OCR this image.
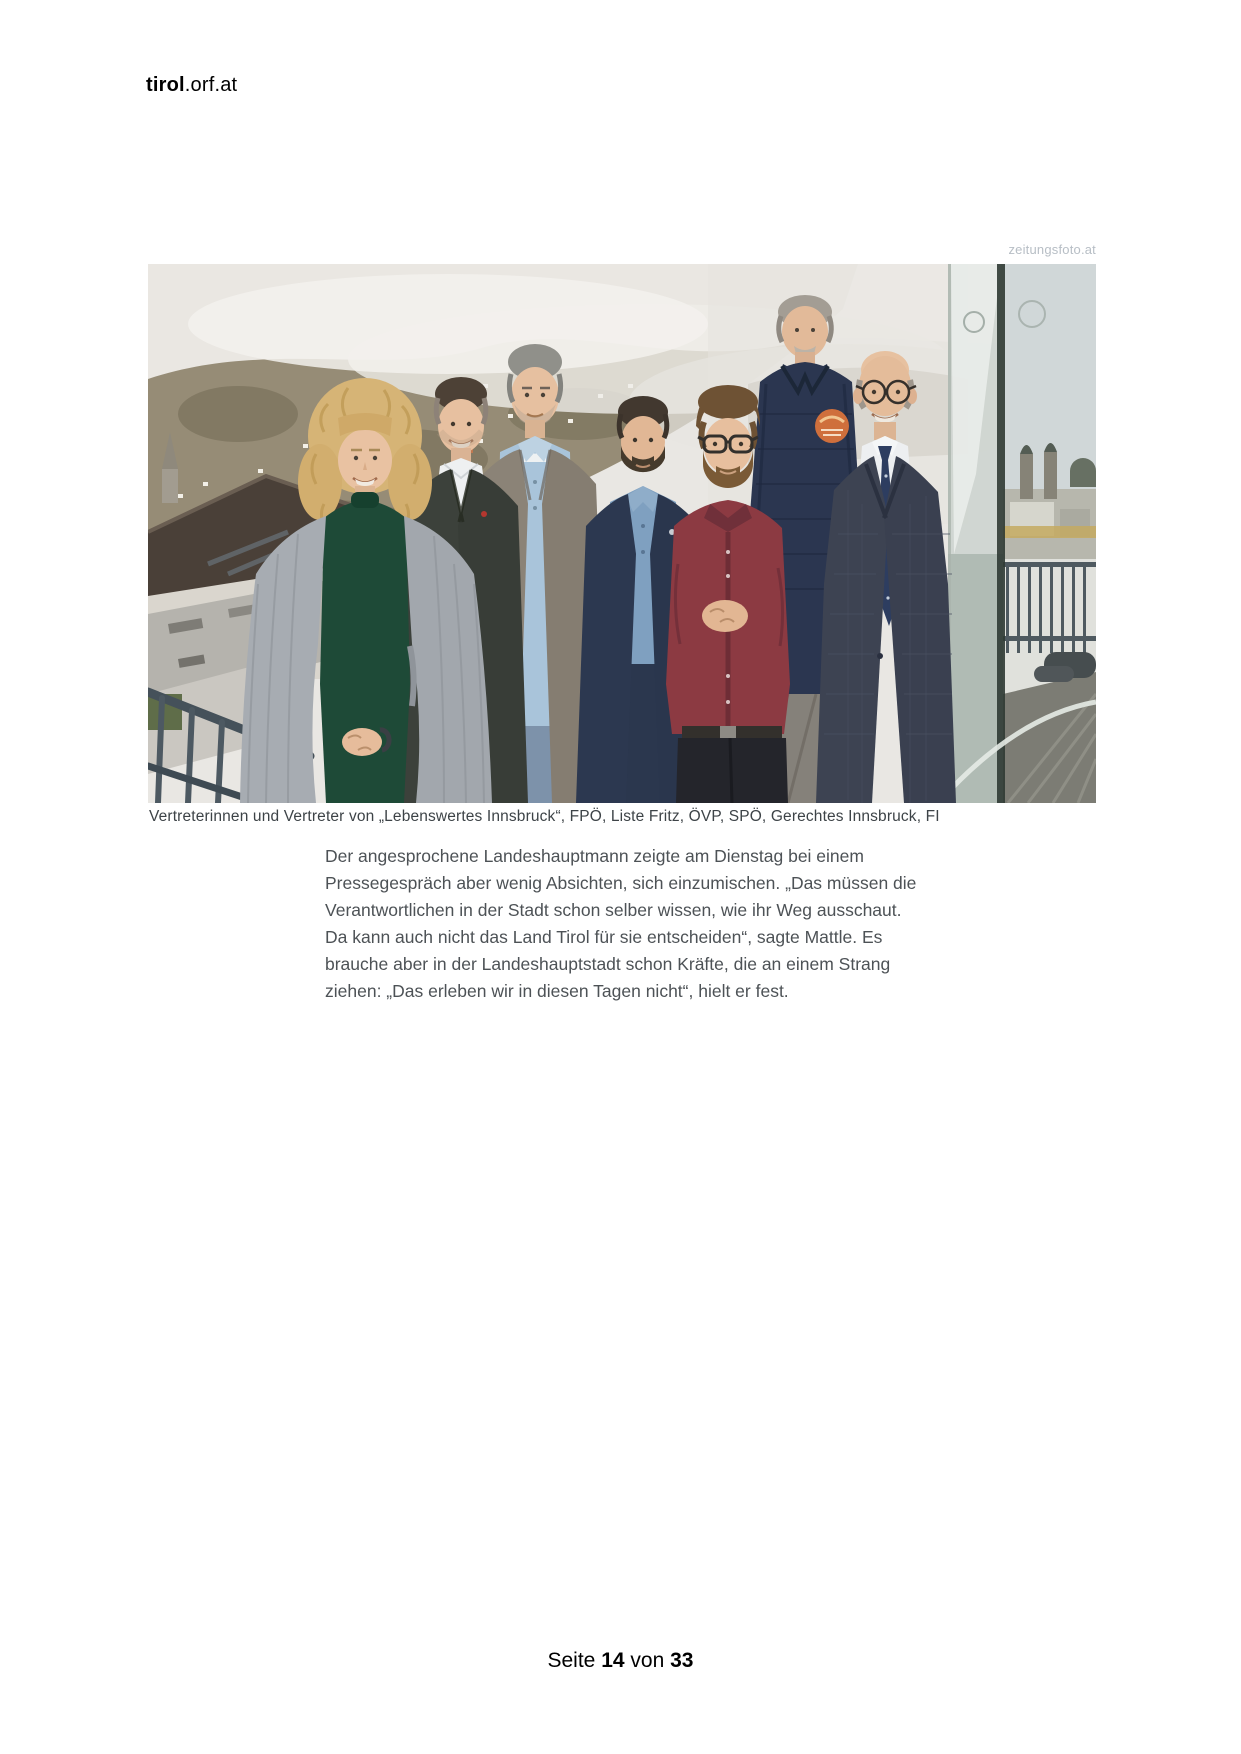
tirol.orf.at
zeitungsfoto.at
Vertreterinnen und Vertreter von „Lebenswertes Innsbruck“, FPÖ, Liste Fritz, ÖVP, SPÖ, Gerechtes Innsbruck, FI
Der angesprochene Landeshauptmann zeigte am Dienstag bei einem Pressegespräch aber wenig Absichten, sich einzumischen. „Das müssen die Verantwortlichen in der Stadt schon selber wissen, wie ihr Weg ausschaut. Da kann auch nicht das Land Tirol für sie entscheiden“, sagte Mattle. Es brauche aber in der Landeshauptstadt schon Kräfte, die an einem Strang ziehen: „Das erleben wir in diesen Tagen nicht“, hielt er fest.
Seite 14 von 33
